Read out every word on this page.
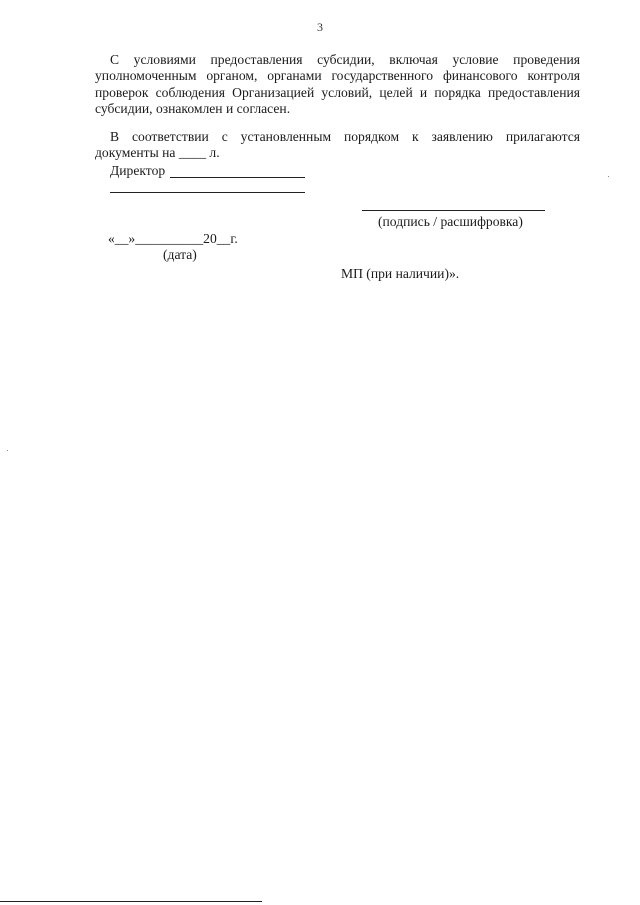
3

С условиями предоставления субсидии, включая условие проведения уполномоченным органом, органами государственного финансового контроля проверок соблюдения Организацией условий, целей и порядка предоставления субсидии, ознакомлен и согласен.

В соответствии с установленным порядком к заявлению прилагаются документы на ____ л.

Директор
(подпись / расшифровка)
«__»__________20__г.
(дата)
МП (при наличии)».
